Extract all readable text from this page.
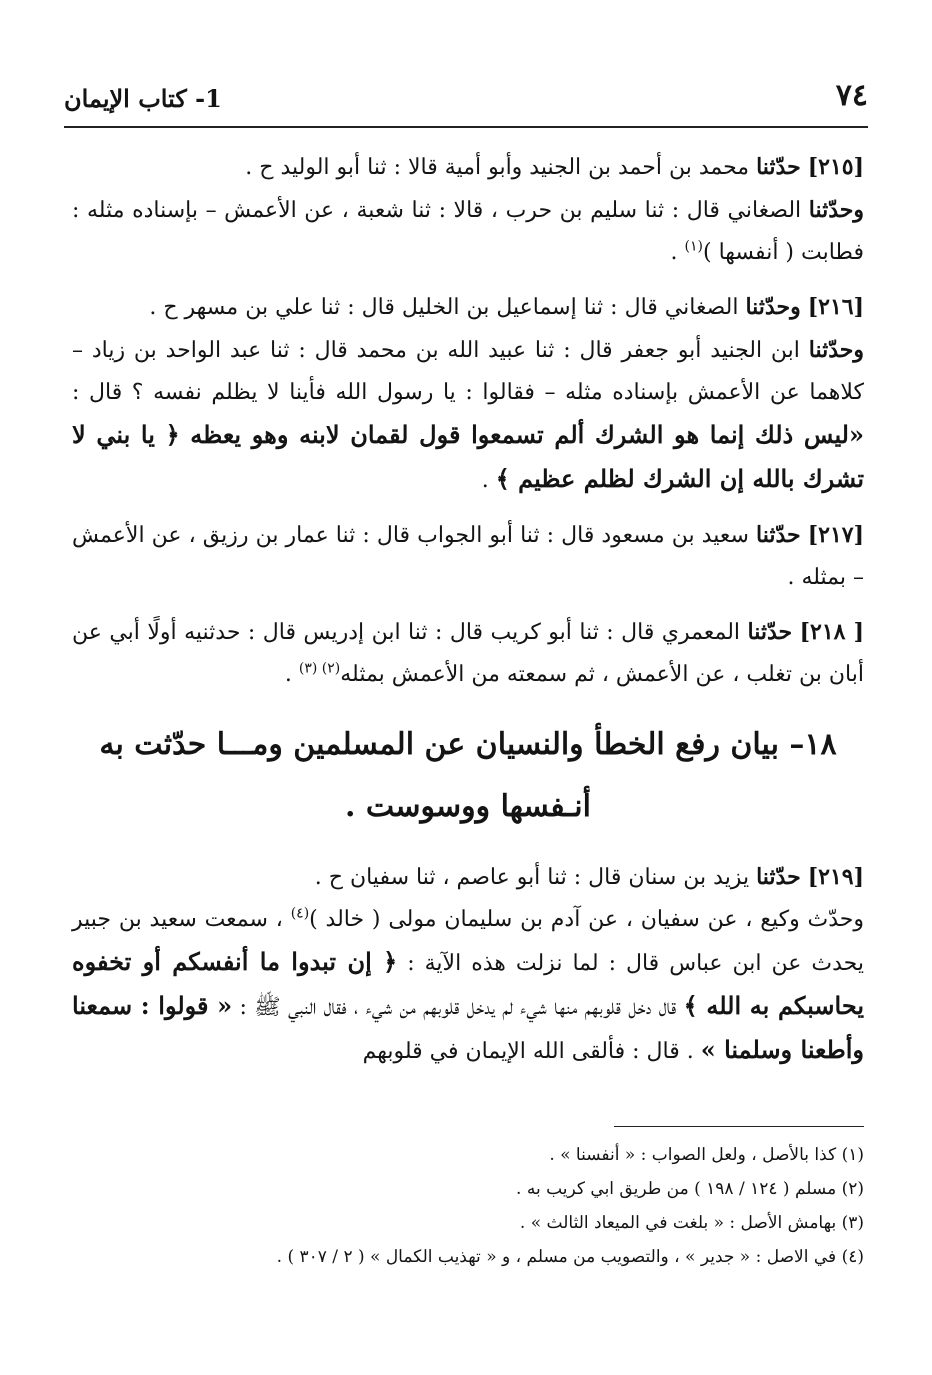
٧٤
1- كتاب الإيمان

[٢١٥] حدّثنا محمد بن أحمد بن الجنيد وأبو أمية قالا : ثنا أبو الوليد ح .
وحدّثنا الصغاني قال : ثنا سليم بن حرب ، قالا : ثنا شعبة ، عن الأعمش – بإسناده مثله : فطابت ( أنفسها )$^{(١)}$ .

[٢١٦] وحدّثنا الصغاني قال : ثنا إسماعيل بن الخليل قال : ثنا علي بن مسهر ح .
وحدّثنا ابن الجنيد أبو جعفر قال : ثنا عبيد الله بن محمد قال : ثنا عبد الواحد بن زياد – كلاهما عن الأعمش بإسناده مثله – فقالوا : يا رسول الله فأينا لا يظلم نفسه ؟ قال : «ليس ذلك إنما هو الشرك ألم تسمعوا قول لقمان لابنه وهو يعظه ﴿ يا بني لا تشرك بالله إن الشرك لظلم عظيم ﴾ .

[٢١٧] حدّثنا سعيد بن مسعود قال : ثنا أبو الجواب قال : ثنا عمار بن رزيق ، عن الأعمش – بمثله .

[ ٢١٨] حدّثنا المعمري قال : ثنا أبو كريب قال : ثنا ابن إدريس قال : حدثنيه أولًا أبي عن أبان بن تغلب ، عن الأعمش ، ثم سمعته من الأعمش بمثله$^{(٢) (٣)}$ .

١٨– بيان رفع الخطأ والنسيان عن المسلمين ومـــا حدّثت به أنـفسها ووسوست .

[٢١٩] حدّثنا يزيد بن سنان قال : ثنا أبو عاصم ، ثنا سفيان ح .
وحدّث وكيع ، عن سفيان ، عن آدم بن سليمان مولى ( خالد )$^{(٤)}$ ، سمعت سعيد بن جبير يحدث عن ابن عباس قال : لما نزلت هذه الآية : ﴿ إن تبدوا ما أنفسكم أو تخفوه يحاسبكم به الله ﴾ قال دخل قلوبهم منها شيء لم يدخل قلوبهم من شيء ، فقال النبي ﷺ : « قولوا : سمعنا وأطعنا وسلمنا » . قال : فألقى الله الإيمان في قلوبهم

(١) كذا بالأصل ، ولعل الصواب : « أنفسنا » .

(٢) مسلم ( ١٢٤ / ١٩٨ ) من طريق ابي كريب به .

(٣) بهامش الأصل : « بلغت في الميعاد الثالث » .

(٤) في الاصل : « جدير » ، والتصويب من مسلم ، و « تهذيب الكمال » ( ٢ / ٣٠٧ ) .
